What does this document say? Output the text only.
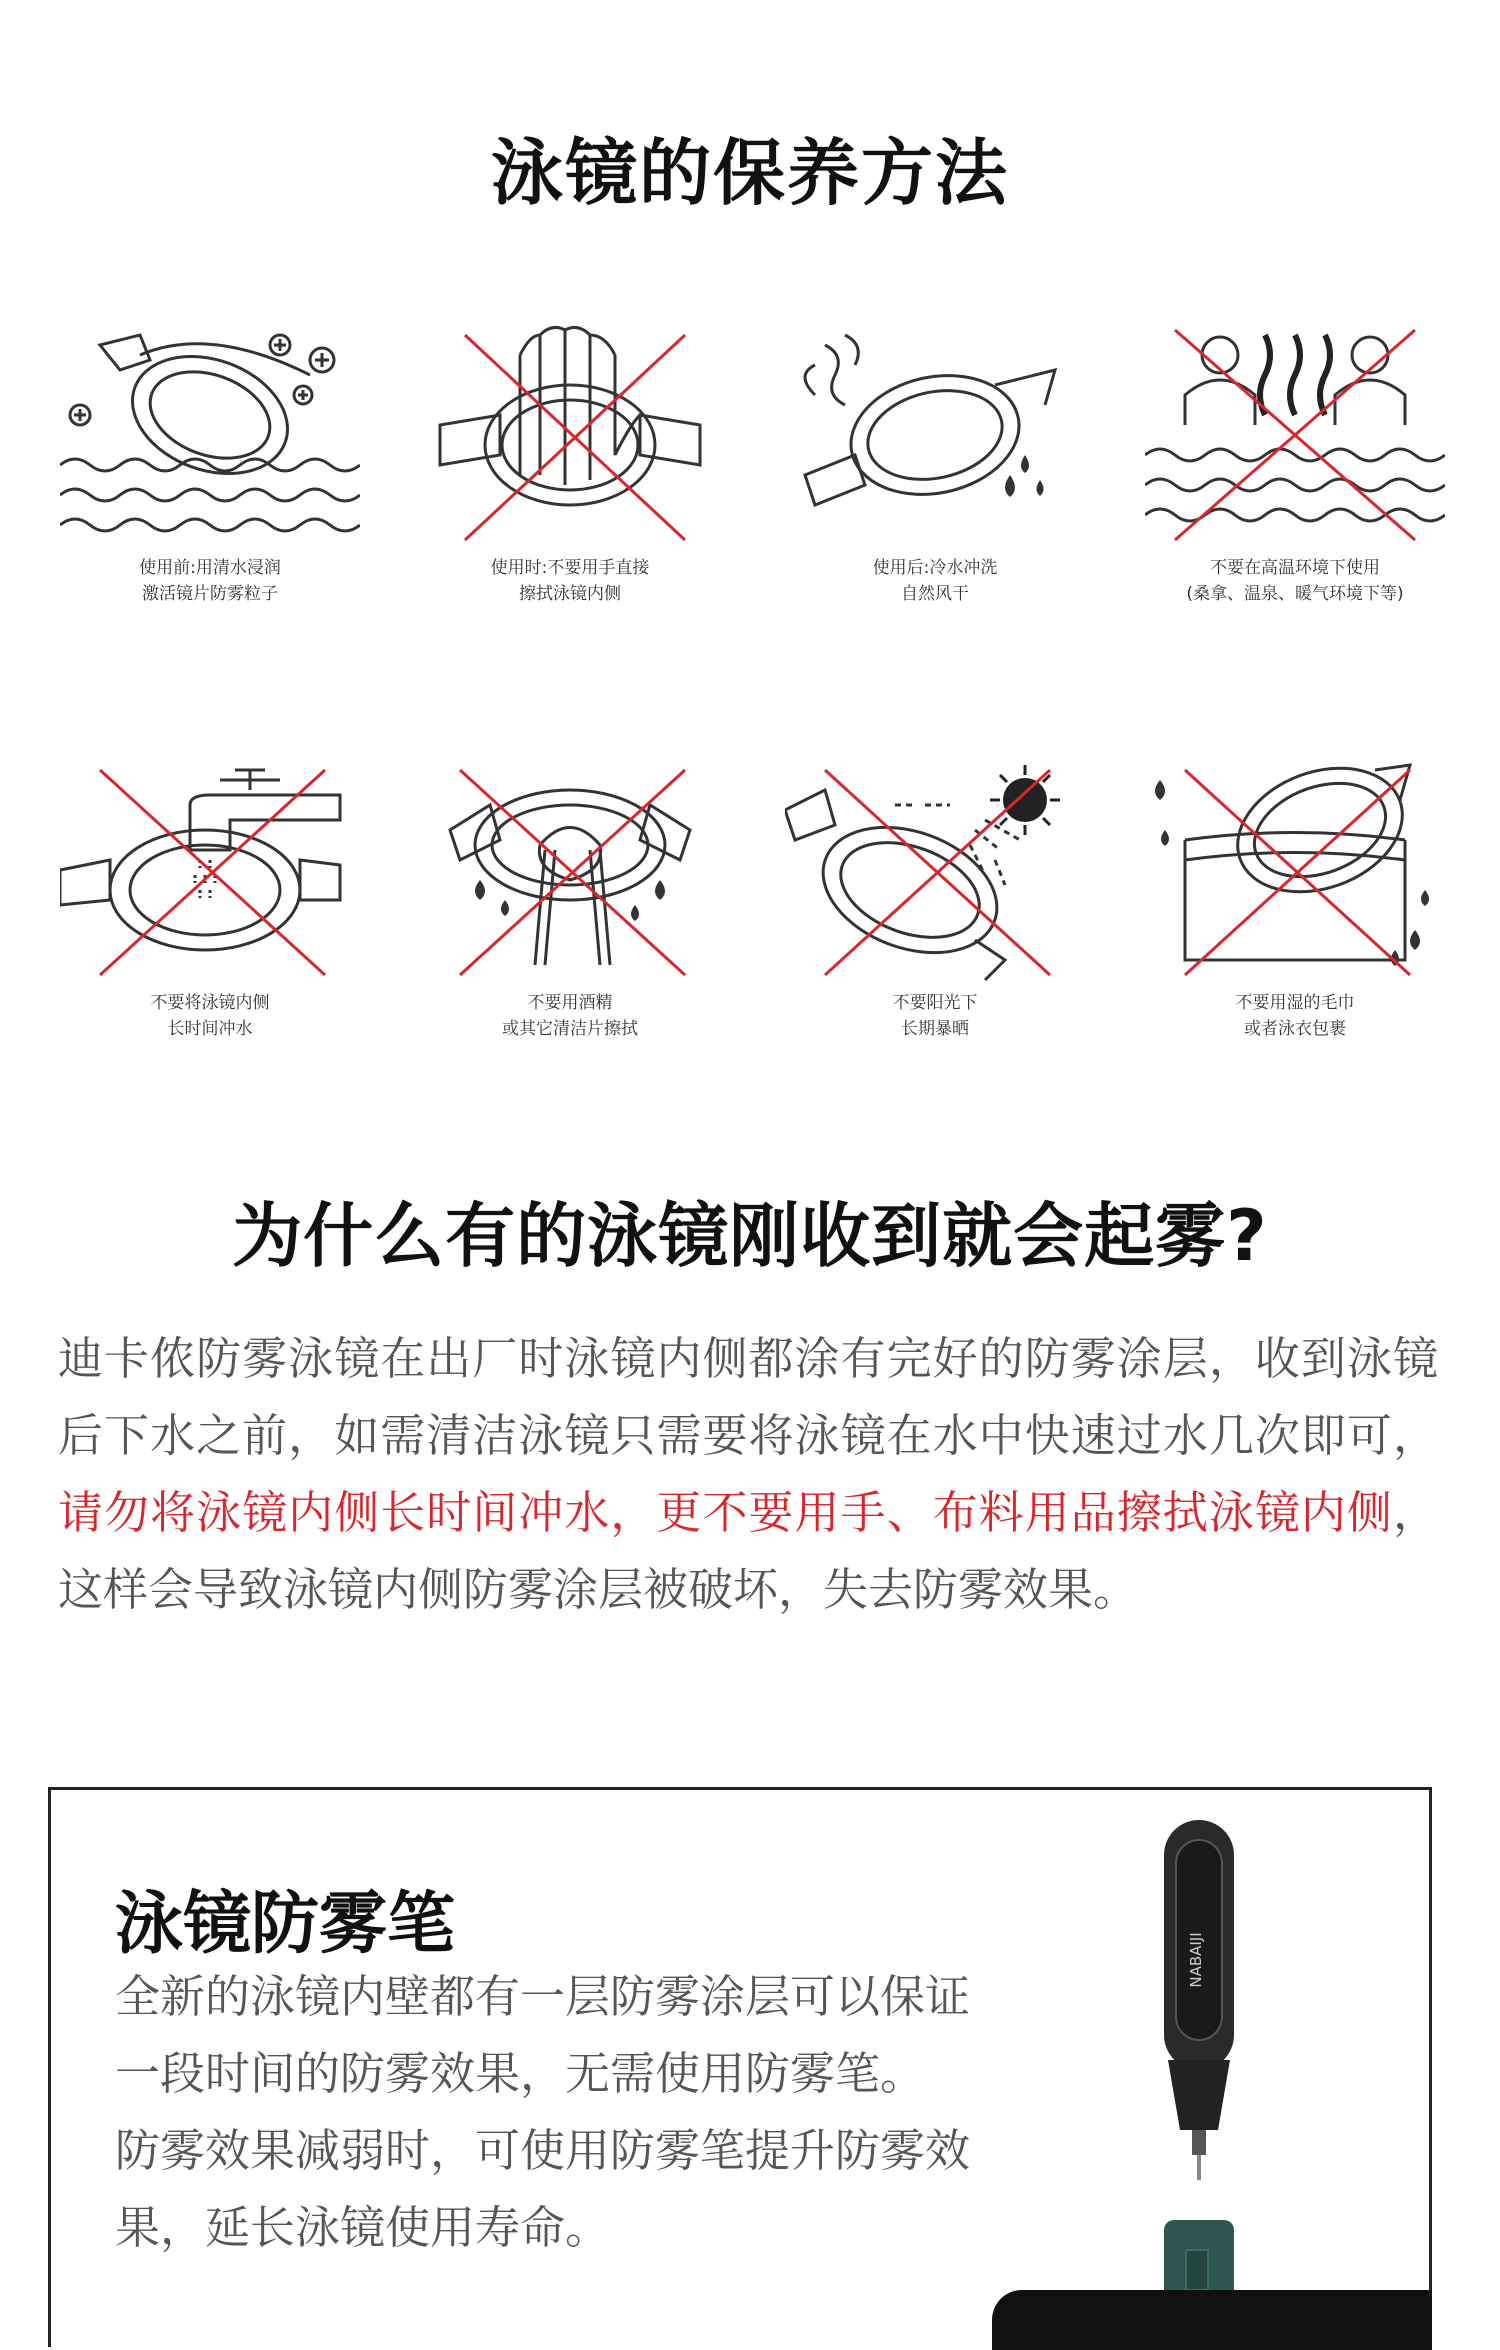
泳镜的保养方法
使用前:用清水浸润
激活镜片防雾粒子
使用时:不要用手直接
擦拭泳镜内侧
使用后:冷水冲洗
自然风干
不要在高温环境下使用
(桑拿、温泉、暖气环境下等)
不要将泳镜内侧
长时间冲水
不要用酒精
或其它清洁片擦拭
不要阳光下
长期暴晒
不要用湿的毛巾
或者泳衣包裹
为什么有的泳镜刚收到就会起雾?

迪卡侬防雾泳镜在出厂时泳镜内侧都涂有完好的防雾涂层，收到泳镜后下水之前，如需清洁泳镜只需要将泳镜在水中快速过水几次即可，请勿将泳镜内侧长时间冲水，更不要用手、布料用品擦拭泳镜内侧，这样会导致泳镜内侧防雾涂层被破坏，失去防雾效果。

泳镜防雾笔

全新的泳镜内壁都有一层防雾涂层可以保证

一段时间的防雾效果，无需使用防雾笔。

防雾效果减弱时，可使用防雾笔提升防雾效

果，延长泳镜使用寿命。

NABAIJI
